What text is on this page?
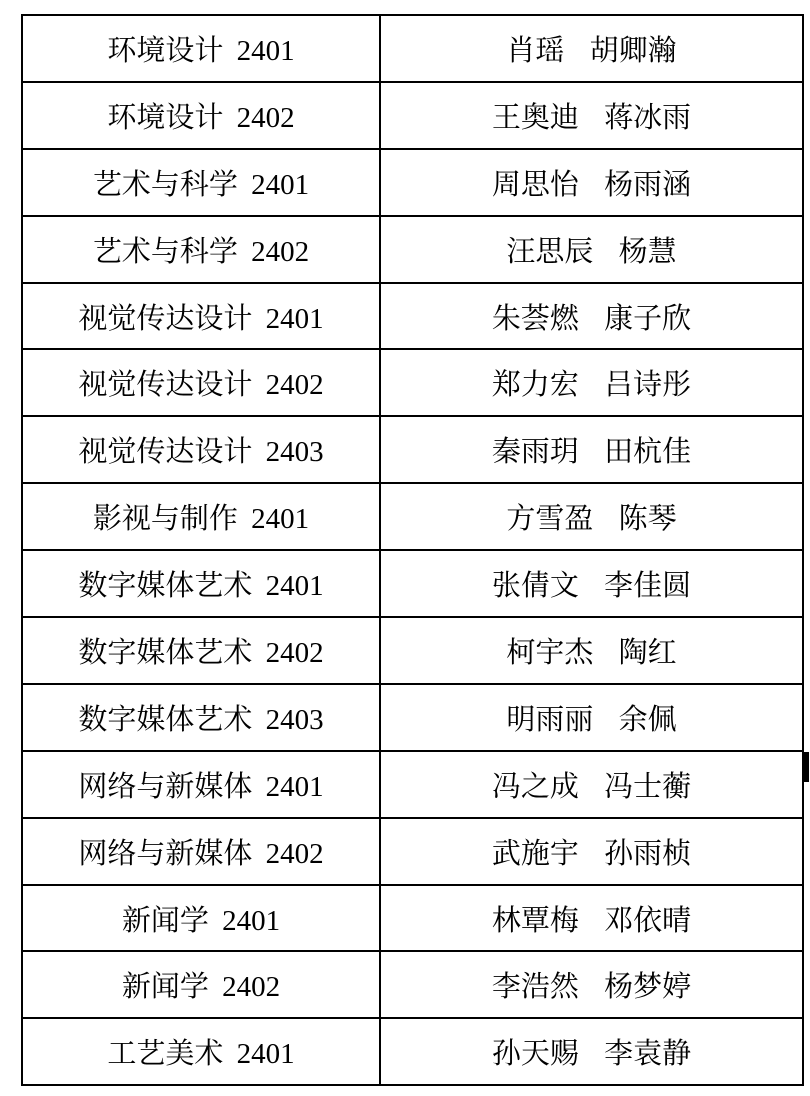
环境设计 2401	肖瑶 胡卿瀚
环境设计 2402	王奥迪 蒋冰雨
艺术与科学 2401	周思怡 杨雨涵
艺术与科学 2402	汪思辰 杨慧
视觉传达设计 2401	朱荟燃 康子欣
视觉传达设计 2402	郑力宏 吕诗彤
视觉传达设计 2403	秦雨玥 田杭佳
影视与制作 2401	方雪盈 陈琴
数字媒体艺术 2401	张倩文 李佳圆
数字媒体艺术 2402	柯宇杰 陶红
数字媒体艺术 2403	明雨丽 余佩
网络与新媒体 2401	冯之成 冯士蘅
网络与新媒体 2402	武施宇 孙雨桢
新闻学 2401	林覃梅 邓依晴
新闻学 2402	李浩然 杨梦婷
工艺美术 2401	孙天赐 李袁静
